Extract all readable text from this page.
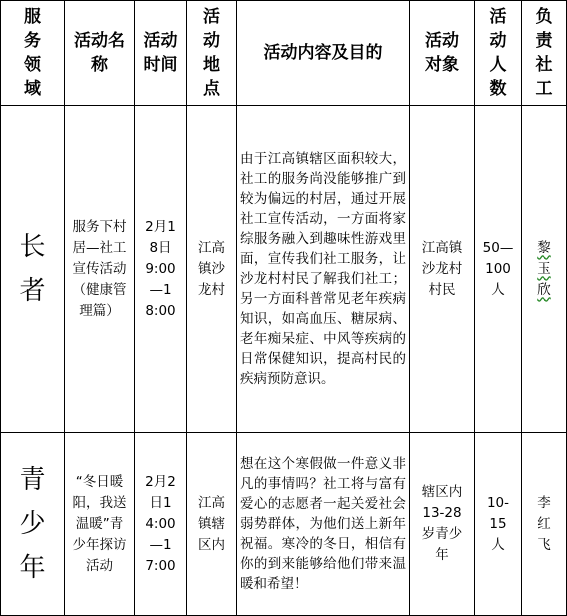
服务领域	活动名称	活动时间	活动地点	活动内容及目的	活动对象	活动人数	负责社工
长者	服务下村居—社工宣传活动（健康管理篇）	2月18日9:00—18:00	江高镇沙龙村	由于江高镇辖区面积较大，社工的服务尚没能够推广到较为偏远的村居，通过开展社工宣传活动，一方面将家综服务融入到趣味性游戏里面，宣传我们社工服务，让沙龙村村民了解我们社工；另一方面科普常见老年疾病知识，如高血压、糖尿病、老年痴呆症、中风等疾病的日常保健知识，提高村民的疾病预防意识。	江高镇沙龙村村民	50—100人	黎玉欣
青少年	“冬日暖阳，我送温暖”青少年探访活动	2月2日14:00—17:00	江高镇辖区内	想在这个寒假做一件意义非凡的事情吗？社工将与富有爱心的志愿者一起关爱社会弱势群体，为他们送上新年祝福。寒冷的冬日，相信有你的到来能够给他们带来温暖和希望！	辖区内13-28岁青少年	10-15人	李红飞
